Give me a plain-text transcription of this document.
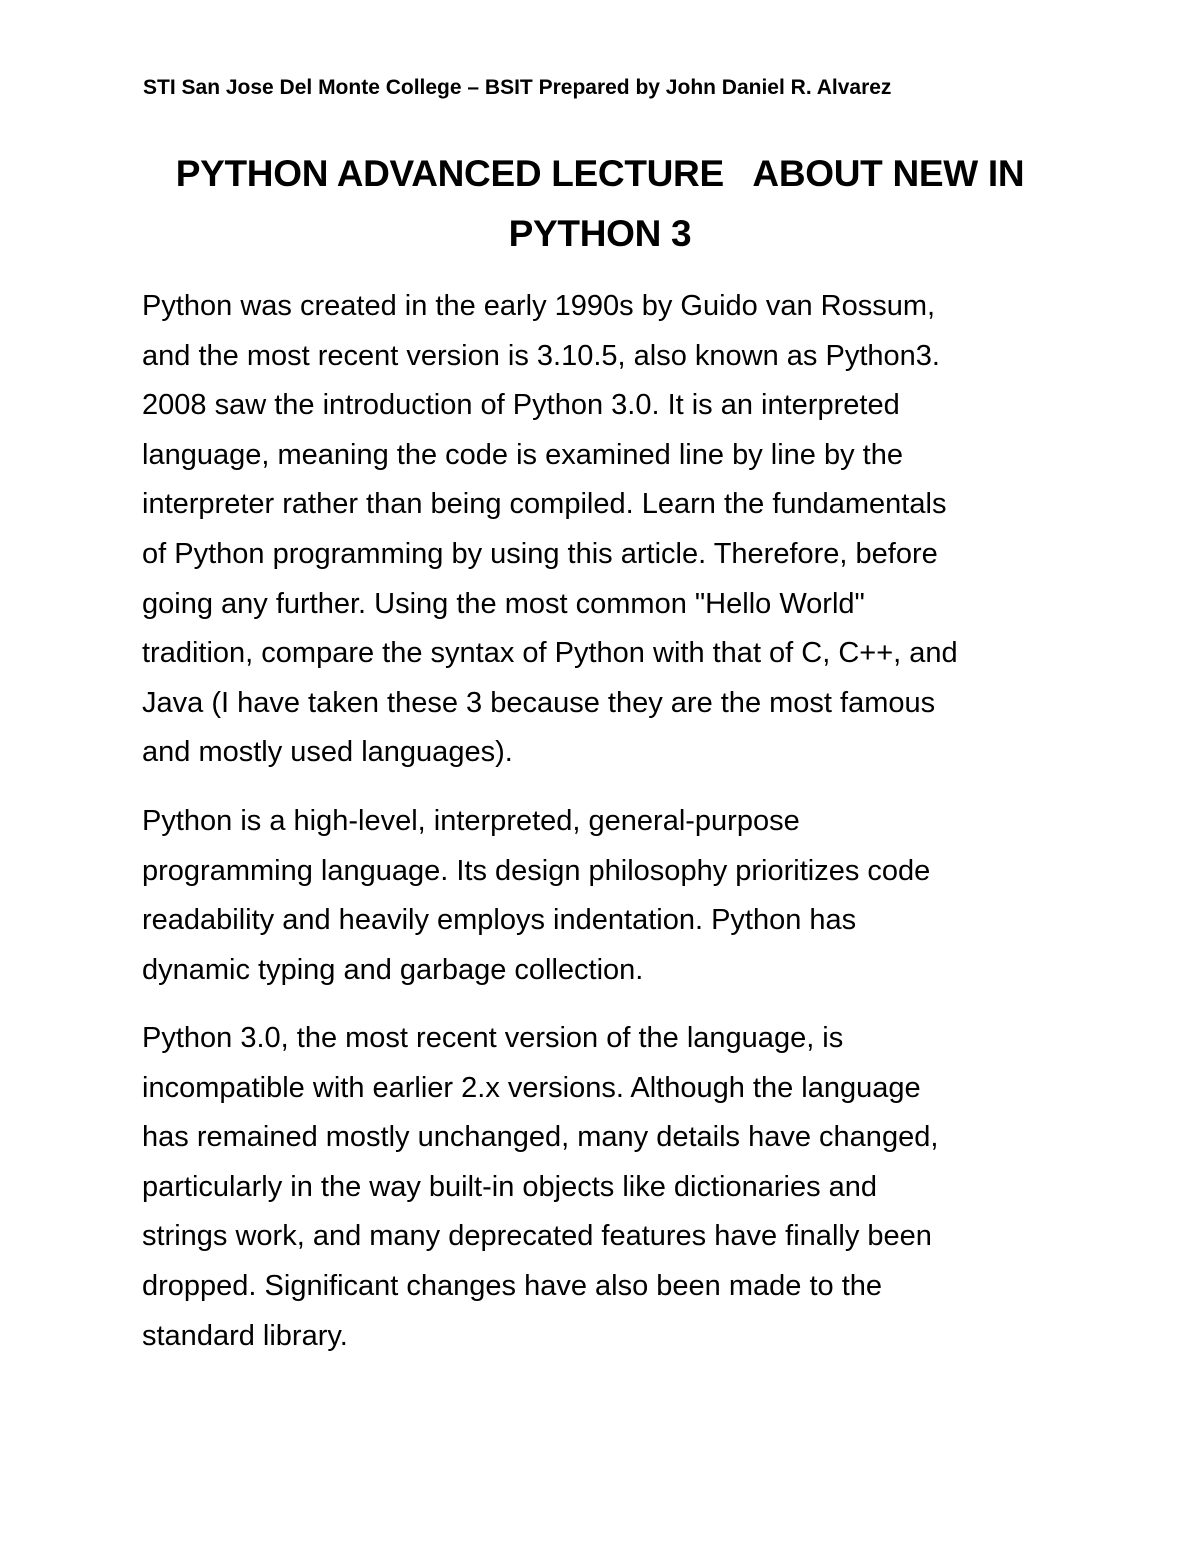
STI San Jose Del Monte College – BSIT Prepared by John Daniel R. Alvarez
PYTHON ADVANCED LECTURE   ABOUT NEW IN
PYTHON 3
Python was created in the early 1990s by Guido van Rossum,
and the most recent version is 3.10.5, also known as Python3.
2008 saw the introduction of Python 3.0. It is an interpreted
language, meaning the code is examined line by line by the
interpreter rather than being compiled. Learn the fundamentals
of Python programming by using this article. Therefore, before
going any further. Using the most common "Hello World"
tradition, compare the syntax of Python with that of C, C++, and
Java (I have taken these 3 because they are the most famous
and mostly used languages).
Python is a high-level, interpreted, general-purpose
programming language. Its design philosophy prioritizes code
readability and heavily employs indentation. Python has
dynamic typing and garbage collection.
Python 3.0, the most recent version of the language, is
incompatible with earlier 2.x versions. Although the language
has remained mostly unchanged, many details have changed,
particularly in the way built-in objects like dictionaries and
strings work, and many deprecated features have finally been
dropped. Significant changes have also been made to the
standard library.
